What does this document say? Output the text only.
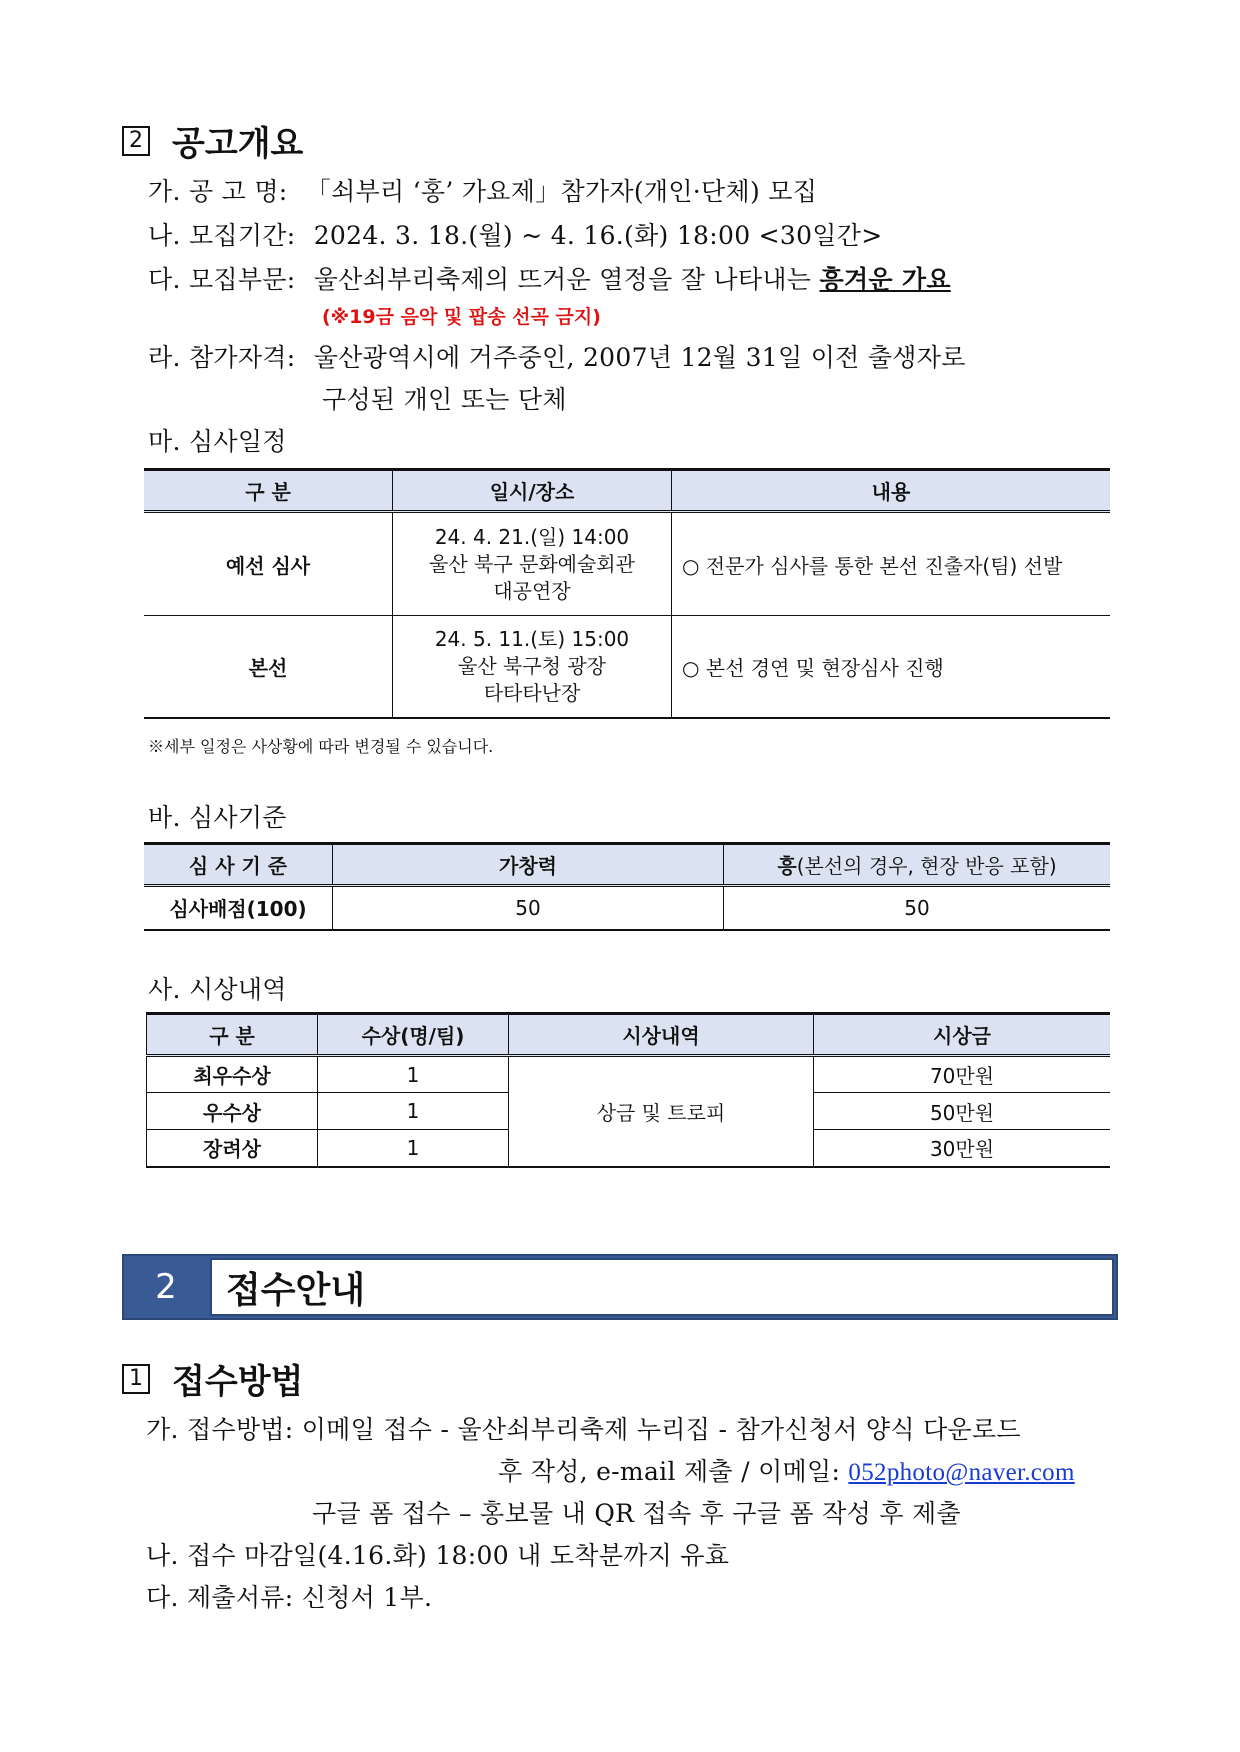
2 공고개요
가. 공 고 명: 「쇠부리 ‘홍’ 가요제」참가자(개인·단체) 모집
나. 모집기간: 2024. 3. 18.(월) ~ 4. 16.(화) 18:00 <30일간>
다. 모집부문: 울산쇠부리축제의 뜨거운 열정을 잘 나타내는 흥겨운 가요
(※19금 음악 및 팝송 선곡 금지)
라. 참가자격: 울산광역시에 거주중인, 2007년 12월 31일 이전 출생자로
구성된 개인 또는 단체
마. 심사일정
구 분	일시/장소	내용
예선 심사	24. 4. 21.(일) 14:00
울산 북구 문화예술회관
대공연장	○ 전문가 심사를 통한 본선 진출자(팀) 선발
본선	24. 5. 11.(토) 15:00
울산 북구청 광장
타타타난장	○ 본선 경연 및 현장심사 진행
※세부 일정은 사상황에 따라 변경될 수 있습니다.
바. 심사기준
심 사 기 준	가창력	흥(본선의 경우, 현장 반응 포함)
심사배점(100)	50	50
사. 시상내역
구 분	수상(명/팀)	시상내역	시상금
최우수상	1	상금 및 트로피	70만원
우수상	1		50만원
장려상	1		30만원
2	접수안내
1 접수방법
가. 접수방법: 이메일 접수 - 울산쇠부리축제 누리집 - 참가신청서 양식 다운로드
후 작성, e-mail 제출 / 이메일: 052photo@naver.com
구글 폼 접수 – 홍보물 내 QR 접속 후 구글 폼 작성 후 제출
나. 접수 마감일(4.16.화) 18:00 내 도착분까지 유효
다. 제출서류: 신청서 1부.
